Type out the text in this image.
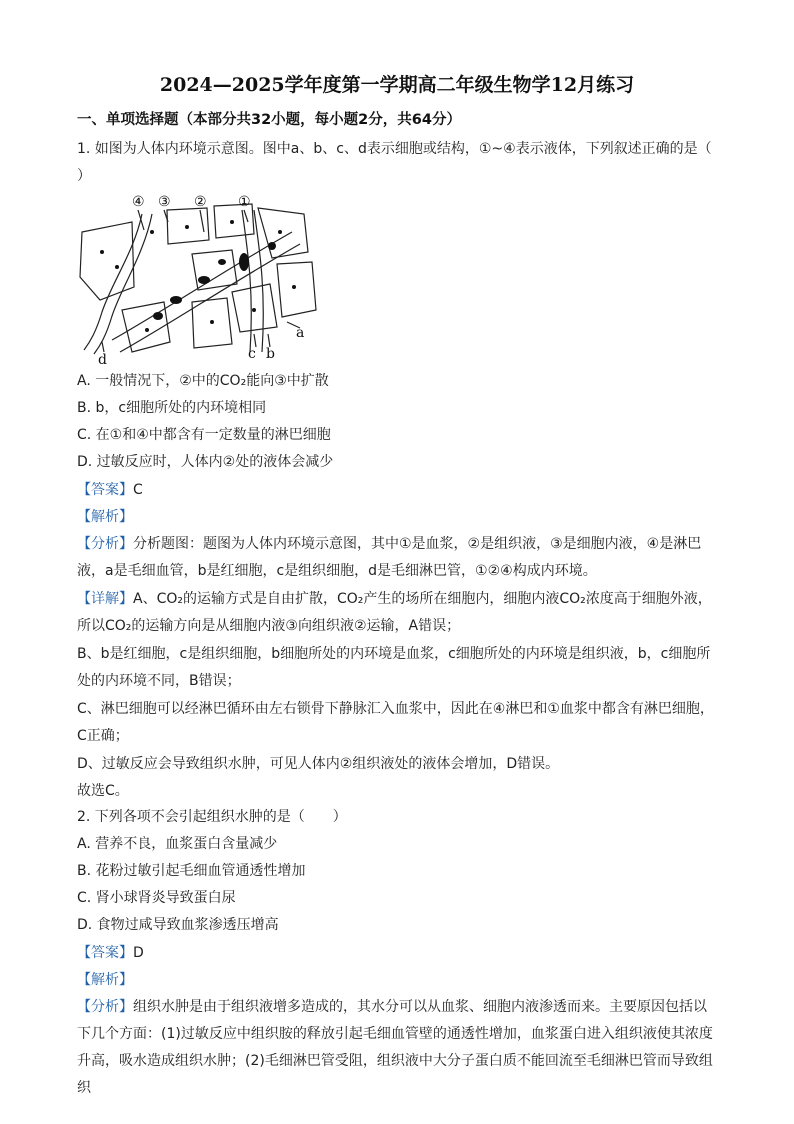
2024—2025学年度第一学期高二年级生物学12月练习
一、单项选择题（本部分共32小题，每小题2分，共64分）

1. 如图为人体内环境示意图。图中a、b、c、d表示细胞或结构，①~④表示液体，下列叙述正确的是（ ）

④ ③ ② ①
a
c b
d
A. 一般情况下，②中的CO₂能向③中扩散
B. b，c细胞所处的内环境相同
C. 在①和④中都含有一定数量的淋巴细胞
D. 过敏反应时，人体内②处的液体会减少
【答案】C
【解析】

【分析】分析题图：题图为人体内环境示意图，其中①是血浆，②是组织液，③是细胞内液，④是淋巴液，a是毛细血管，b是红细胞，c是组织细胞，d是毛细淋巴管，①②④构成内环境。

【详解】A、CO₂的运输方式是自由扩散，CO₂产生的场所在细胞内，细胞内液CO₂浓度高于细胞外液，所以CO₂的运输方向是从细胞内液③向组织液②运输，A错误；

B、b是红细胞，c是组织细胞，b细胞所处的内环境是血浆，c细胞所处的内环境是组织液，b，c细胞所处的内环境不同，B错误；

C、淋巴细胞可以经淋巴循环由左右锁骨下静脉汇入血浆中，因此在④淋巴和①血浆中都含有淋巴细胞，C正确；

D、过敏反应会导致组织水肿，可见人体内②组织液处的液体会增加，D错误。
故选C。
2. 下列各项不会引起组织水肿的是（　　）
A. 营养不良，血浆蛋白含量减少
B. 花粉过敏引起毛细血管通透性增加
C. 肾小球肾炎导致蛋白尿
D. 食物过咸导致血浆渗透压增高
【答案】D
【解析】

【分析】组织水肿是由于组织液增多造成的，其水分可以从血浆、细胞内液渗透而来。主要原因包括以下几个方面：(1)过敏反应中组织胺的释放引起毛细血管壁的通透性增加，血浆蛋白进入组织液使其浓度升高，吸水造成组织水肿；(2)毛细淋巴管受阻，组织液中大分子蛋白质不能回流至毛细淋巴管而导致组织
